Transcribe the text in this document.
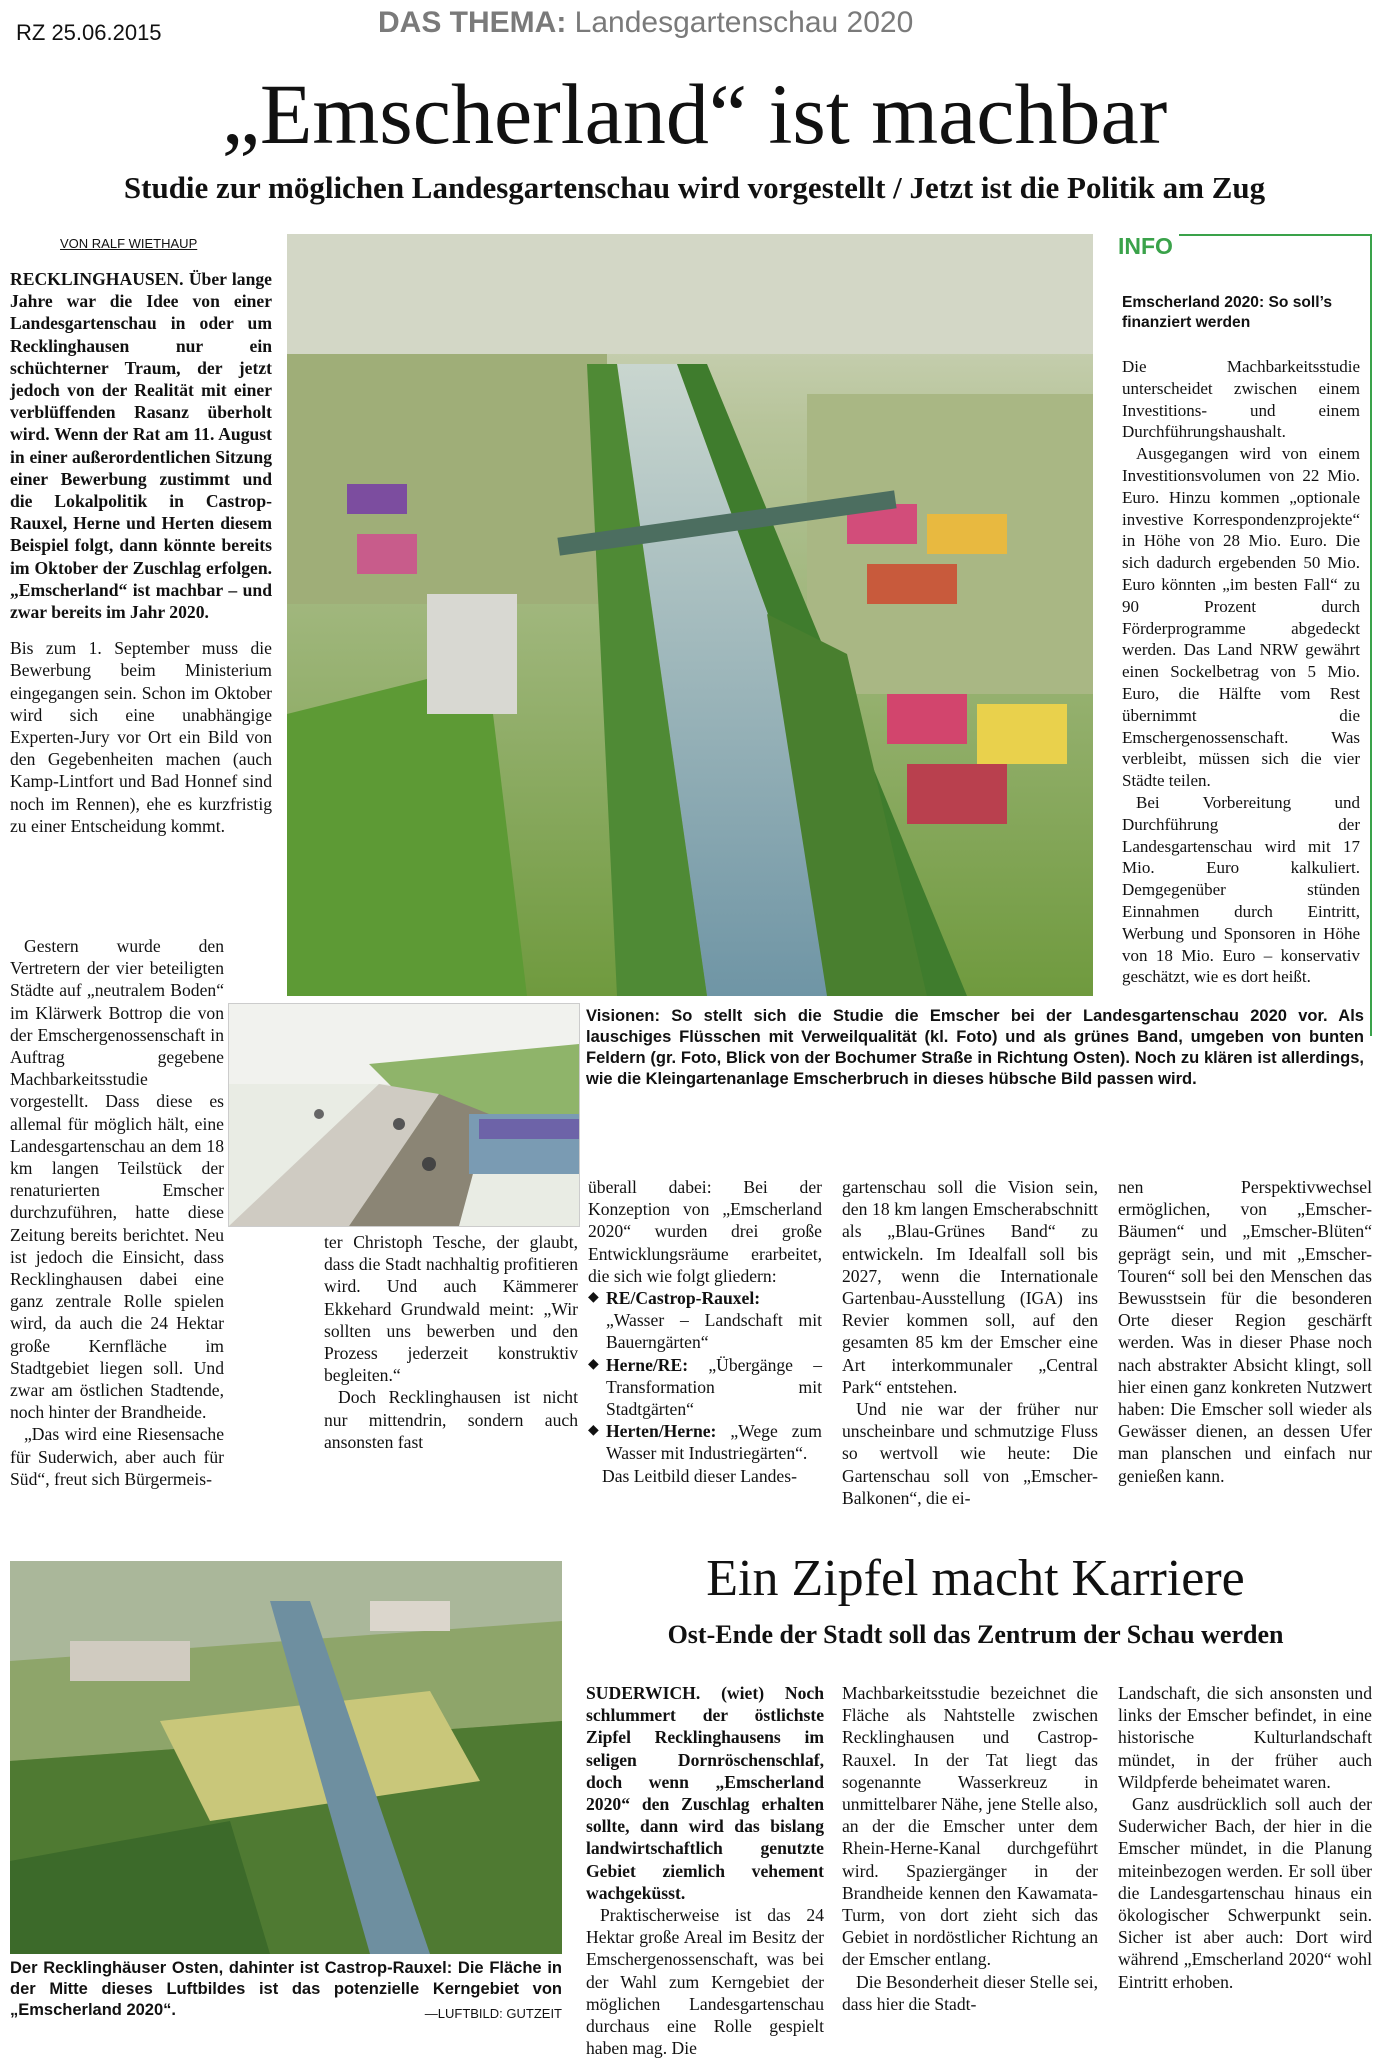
RZ 25.06.2015	DAS THEMA: Landesgartenschau 2020
„Emscherland“ ist machbar
Studie zur möglichen Landesgartenschau wird vorgestellt / Jetzt ist die Politik am Zug
VON RALF WIETHAUP

RECKLINGHAUSEN. Über lange Jahre war die Idee von einer Landesgartenschau in oder um Recklinghausen nur ein schüchterner Traum, der jetzt jedoch von der Realität mit einer verblüffenden Rasanz überholt wird. Wenn der Rat am 11. August in einer außerordentlichen Sitzung einer Bewerbung zustimmt und die Lokalpolitik in Castrop-Rauxel, Herne und Herten diesem Beispiel folgt, dann könnte bereits im Oktober der Zuschlag erfolgen. „Emscherland“ ist machbar – und zwar bereits im Jahr 2020.

Bis zum 1. September muss die Bewerbung beim Ministerium eingegangen sein. Schon im Oktober wird sich eine unabhängige Experten-Jury vor Ort ein Bild von den Gegebenheiten machen (auch Kamp-Lintfort und Bad Honnef sind noch im Rennen), ehe es kurzfristig zu einer Entscheidung kommt.

Gestern wurde den Vertretern der vier beteiligten Städte auf „neutralem Boden“ im Klärwerk Bottrop die von der Emschergenossenschaft in Auftrag gegebene Machbarkeitsstudie vorgestellt. Dass diese es allemal für möglich hält, eine Landesgartenschau an dem 18 km langen Teilstück der renaturierten Emscher durchzuführen, hatte diese Zeitung bereits berichtet. Neu ist jedoch die Einsicht, dass Recklinghausen dabei eine ganz zentrale Rolle spielen wird, da auch die 24 Hektar große Kernfläche im Stadtgebiet liegen soll. Und zwar am östlichen Stadtende, noch hinter der Brandheide.

„Das wird eine Riesensache für Suderwich, aber auch für Süd“, freut sich Bürgermeis-

Visionen: So stellt sich die Studie die Emscher bei der Landesgartenschau 2020 vor. Als lauschiges Flüsschen mit Verweilqualität (kl. Foto) und als grünes Band, umgeben von bunten Feldern (gr. Foto, Blick von der Bochumer Straße in Richtung Osten). Noch zu klären ist allerdings, wie die Kleingartenanlage Emscherbruch in dieses hübsche Bild passen wird.
INFO
Emscherland 2020: So soll’s finanziert werden

Die Machbarkeitsstudie unterscheidet zwischen einem Investitions- und einem Durchführungshaushalt.

Ausgegangen wird von einem Investitionsvolumen von 22 Mio. Euro. Hinzu kommen „optionale investive Korrespondenzprojekte“ in Höhe von 28 Mio. Euro. Die sich dadurch ergebenden 50 Mio. Euro könnten „im besten Fall“ zu 90 Prozent durch Förderprogramme abgedeckt werden. Das Land NRW gewährt einen Sockelbetrag von 5 Mio. Euro, die Hälfte vom Rest übernimmt die Emschergenossenschaft. Was verbleibt, müssen sich die vier Städte teilen.

Bei Vorbereitung und Durchführung der Landesgartenschau wird mit 17 Mio. Euro kalkuliert. Demgegenüber stünden Einnahmen durch Eintritt, Werbung und Sponsoren in Höhe von 18 Mio. Euro – konservativ geschätzt, wie es dort heißt.

ter Christoph Tesche, der glaubt, dass die Stadt nachhaltig profitieren wird. Und auch Kämmerer Ekkehard Grundwald meint: „Wir sollten uns bewerben und den Prozess jederzeit konstruktiv begleiten.“

Doch Recklinghausen ist nicht nur mittendrin, sondern auch ansonsten fast

überall dabei: Bei der Konzeption von „Emscherland 2020“ wurden drei große Entwicklungsräume erarbeitet, die sich wie folgt gliedern:

◆ RE/Castrop-Rauxel: „Wasser – Landschaft mit Bauerngärten“
◆ Herne/RE: „Übergänge – Transformation mit Stadtgärten“
◆ Herten/Herne: „Wege zum Wasser mit Industriegärten“.

Das Leitbild dieser Landes-

gartenschau soll die Vision sein, den 18 km langen Emscherabschnitt als „Blau-Grünes Band“ zu entwickeln. Im Idealfall soll bis 2027, wenn die Internationale Gartenbau-Ausstellung (IGA) ins Revier kommen soll, auf den gesamten 85 km der Emscher eine Art interkommunaler „Central Park“ entstehen.

Und nie war der früher nur unscheinbare und schmutzige Fluss so wertvoll wie heute: Die Gartenschau soll von „Emscher-Balkonen“, die ei-

nen Perspektivwechsel ermöglichen, von „Emscher-Bäumen“ und „Emscher-Blüten“ geprägt sein, und mit „Emscher-Touren“ soll bei den Menschen das Bewusstsein für die besonderen Orte dieser Region geschärft werden. Was in dieser Phase noch nach abstrakter Absicht klingt, soll hier einen ganz konkreten Nutzwert haben: Die Emscher soll wieder als Gewässer dienen, an dessen Ufer man planschen und einfach nur genießen kann.

Der Recklinghäuser Osten, dahinter ist Castrop-Rauxel: Die Fläche in der Mitte dieses Luftbildes ist das potenzielle Kerngebiet von „Emscherland 2020“.	—LUFTBILD: GUTZEIT
Ein Zipfel macht Karriere
Ost-Ende der Stadt soll das Zentrum der Schau werden

SUDERWICH. (wiet) Noch schlummert der östlichste Zipfel Recklinghausens im seligen Dornröschenschlaf, doch wenn „Emscherland 2020“ den Zuschlag erhalten sollte, dann wird das bislang landwirtschaftlich genutzte Gebiet ziemlich vehement wachgeküsst.

Praktischerweise ist das 24 Hektar große Areal im Besitz der Emschergenossenschaft, was bei der Wahl zum Kerngebiet der möglichen Landesgartenschau durchaus eine Rolle gespielt haben mag. Die

Machbarkeitsstudie bezeichnet die Fläche als Nahtstelle zwischen Recklinghausen und Castrop-Rauxel. In der Tat liegt das sogenannte Wasserkreuz in unmittelbarer Nähe, jene Stelle also, an der die Emscher unter dem Rhein-Herne-Kanal durchgeführt wird. Spaziergänger in der Brandheide kennen den Kawamata-Turm, von dort zieht sich das Gebiet in nordöstlicher Richtung an der Emscher entlang.

Die Besonderheit dieser Stelle sei, dass hier die Stadt-

Landschaft, die sich ansonsten und links der Emscher befindet, in eine historische Kulturlandschaft mündet, in der früher auch Wildpferde beheimatet waren.

Ganz ausdrücklich soll auch der Suderwicher Bach, der hier in die Emscher mündet, in die Planung miteinbezogen werden. Er soll über die Landesgartenschau hinaus ein ökologischer Schwerpunkt sein. Sicher ist aber auch: Dort wird während „Emscherland 2020“ wohl Eintritt erhoben.
